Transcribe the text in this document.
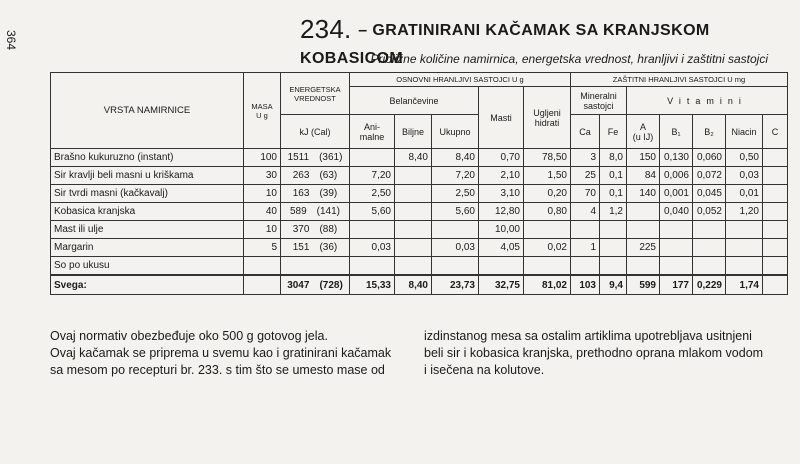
364	234. – GRATINIRANI KAČAMAK SA KRANJSKOM KOBASICOM
Približne količine namirnica, energetska vrednost, hranljivi i zaštitni sastojci
VRSTA NAMIRNICE	MASA
U g	ENERGETSKA
VREDNOST	OSNOVNI HRANLJIVI SASTOJCI U g					ZAŠTITNI HRANLJIVI SASTOJCI U mg						
			Belančevine			Masti	Ugljeni
hidrati	Mineralni
sastojci		Vitamini				
		kJ (Cal)	Ani-
malne	Biljne	Ukupno			Ca	Fe	A
(u IJ)	B₁	B₂	Niacin	C
Brašno kukuruzno (instant)	100	1511 (361)		8,40	8,40	0,70	78,50	3	8,0	150	0,130	0,060	0,50	
Sir kravlji beli masni u kriškama	30	263 (63)	7,20		7,20	2,10	1,50	25	0,1	84	0,006	0,072	0,03	
Sir tvrdi masni (kačkavalj)	10	163 (39)	2,50		2,50	3,10	0,20	70	0,1	140	0,001	0,045	0,01	
Kobasica kranjska	40	589 (141)	5,60		5,60	12,80	0,80	4	1,2		0,040	0,052	1,20	
Mast ili ulje	10	370 (88)				10,00								
Margarin	5	151 (36)	0,03		0,03	4,05	0,02	1		225				
So po ukusu														
Svega:		3047 (728)	15,33	8,40	23,73	32,75	81,02	103	9,4	599	177	0,229	1,74	

Ovaj normativ obezbeđuje oko 500 g gotovog jela.

Ovaj kačamak se priprema u svemu kao i gratinirani kačamak

sa mesom po recepturi br. 233. s tim što se umesto mase od

izdinstanog mesa sa ostalim artiklima upotrebljava usitnjeni

beli sir i kobasica kranjska, prethodno oprana mlakom vodom

i isečena na kolutove.
